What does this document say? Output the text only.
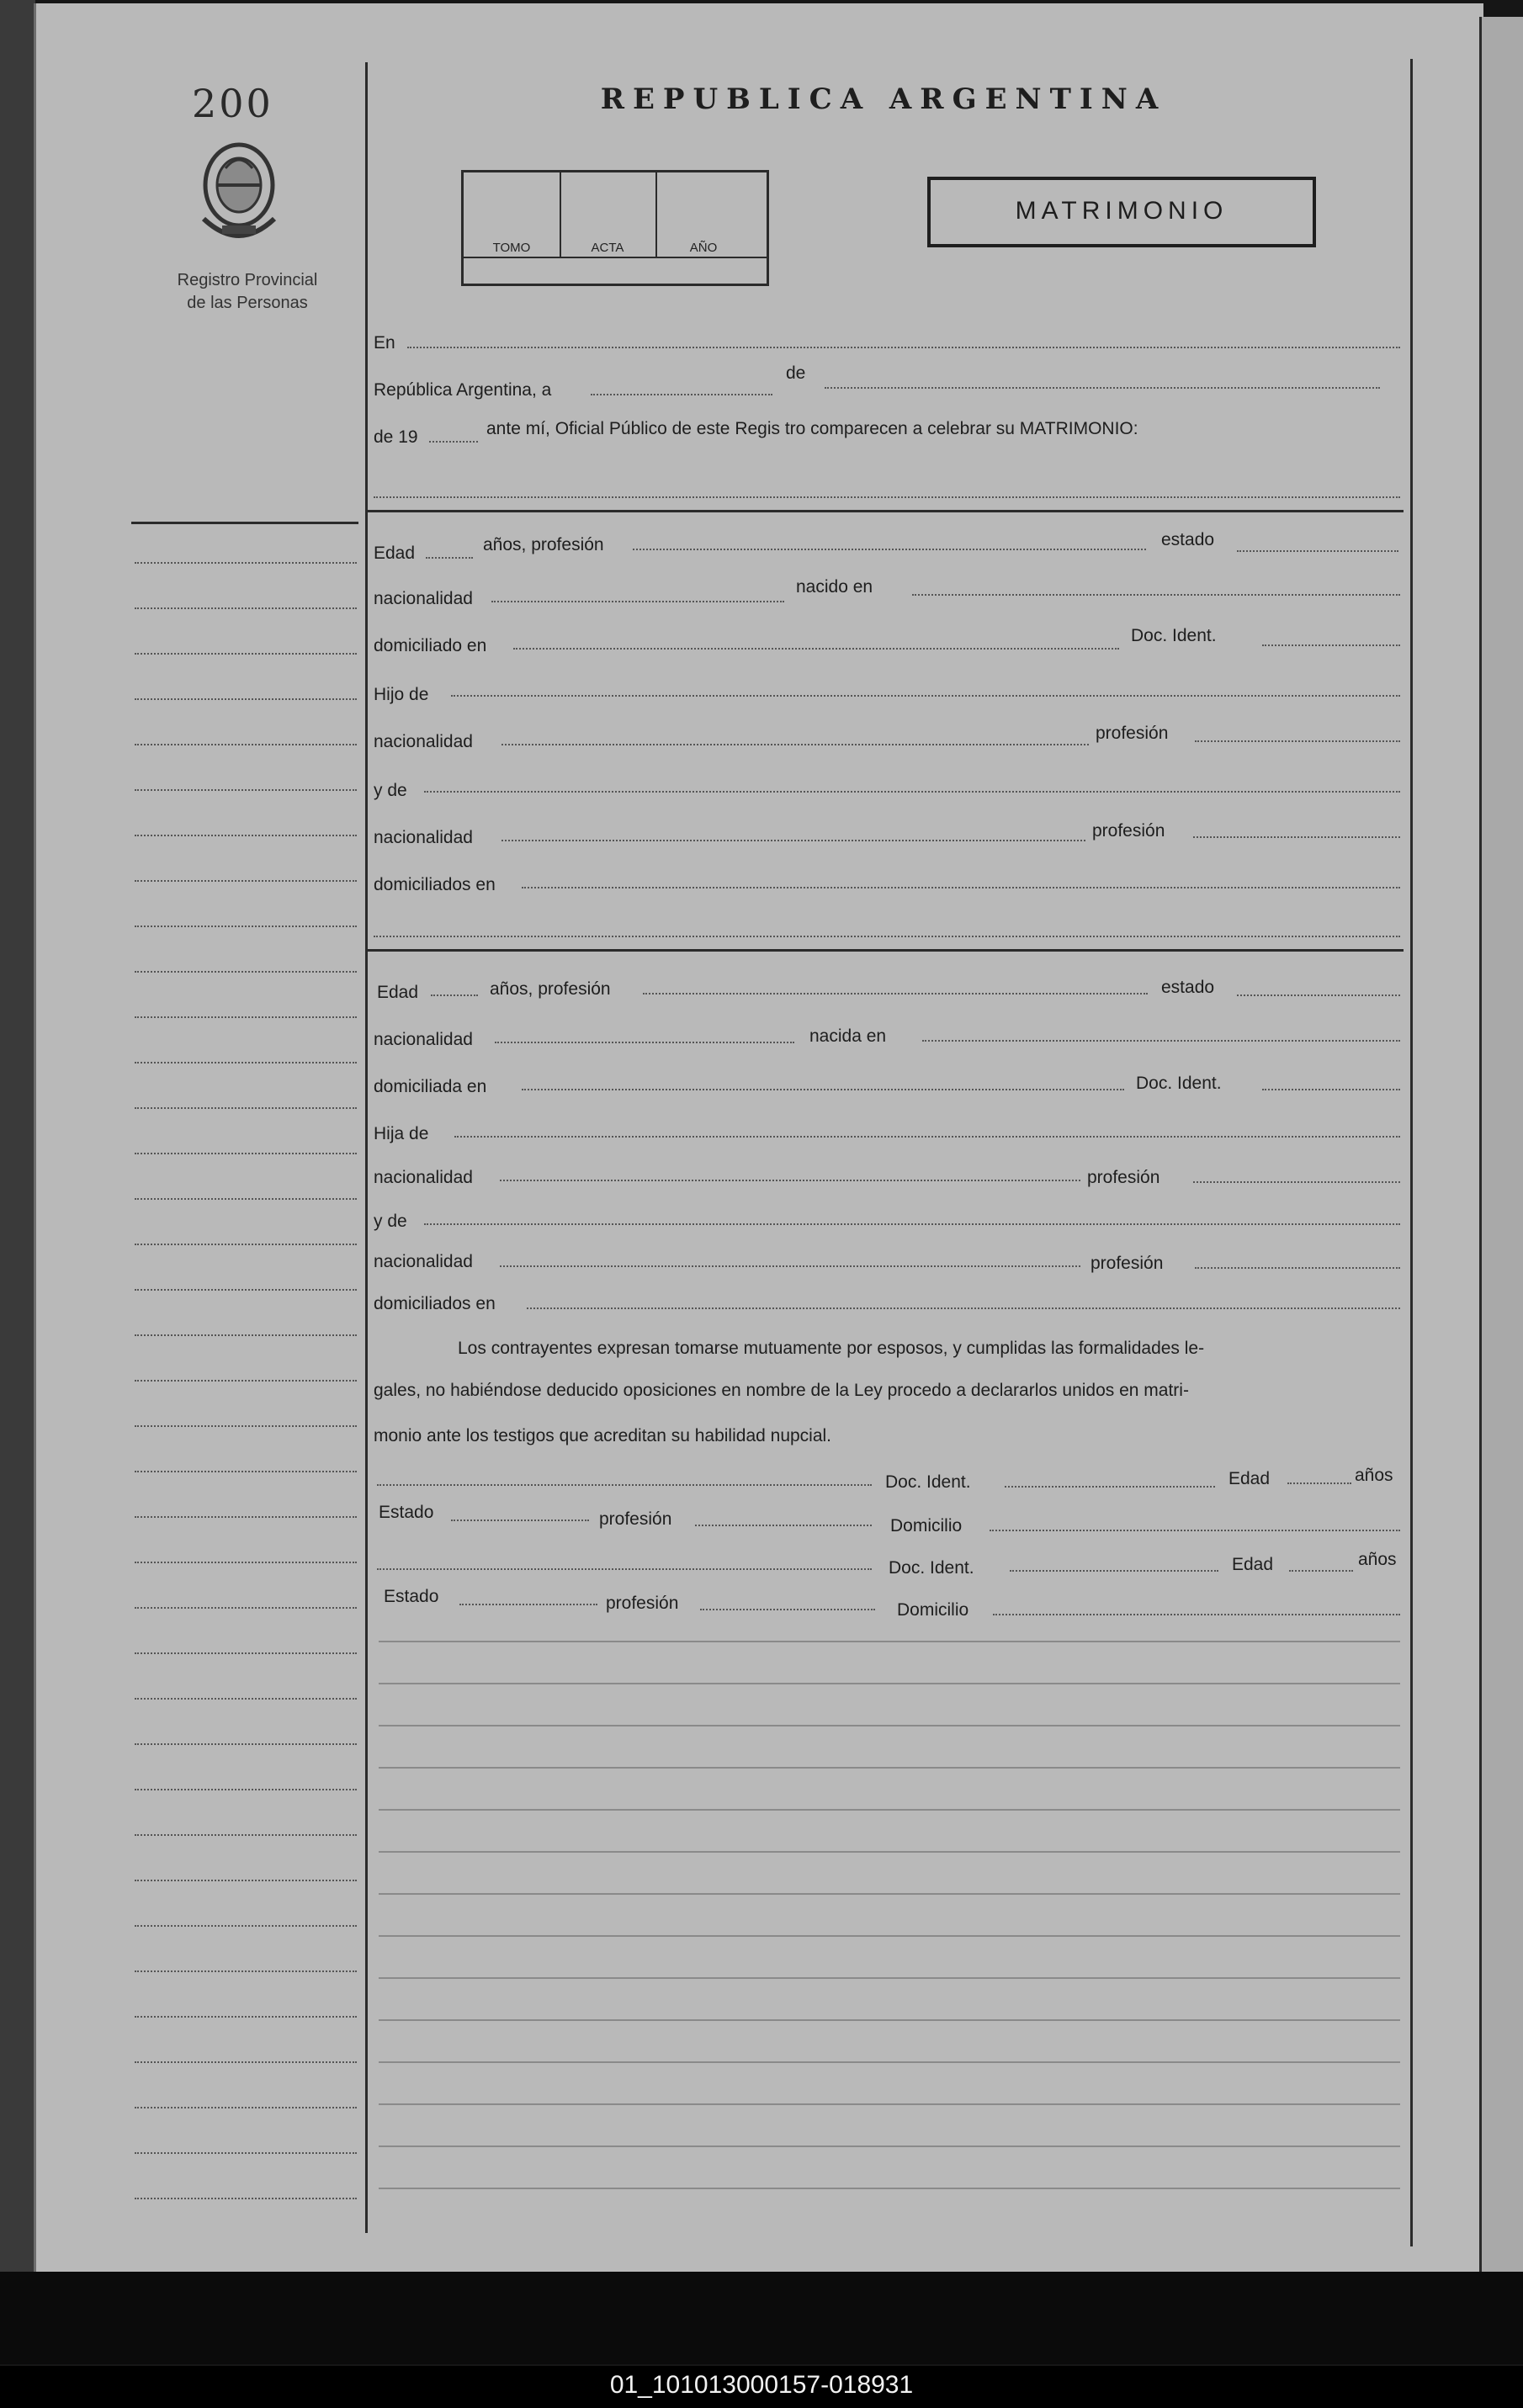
200
Registro Provincial
de las Personas
REPUBLICA ARGENTINA
TOMO	ACTA	AÑO
MATRIMONIO
En
República Argentina, a
de
de 19	ante mí, Oficial Público de este Regis tro comparecen a celebrar su MATRIMONIO:
Edad	años, profesión	estado
nacionalidad
nacido en
domiciliado en
Doc. Ident.
Hijo de
nacionalidad	profesión
y de
nacionalidad	profesión
domiciliados en
Edad	años, profesión	estado
nacionalidad	nacida en
domiciliada en	Doc. Ident.
Hija de
nacionalidad	profesión
y de
nacionalidad	profesión
domiciliados en
Los contrayentes expresan tomarse mutuamente por esposos, y cumplidas las formalidades le-
gales, no habiéndose deducido oposiciones en nombre de la Ley procedo a declararlos unidos en matri-
monio ante los testigos que acreditan su habilidad nupcial.
Doc. Ident.	Edad	años
Estado	profesión	Domicilio
Doc. Ident.	Edad	años
Estado	profesión	Domicilio
01_101013000157-018931
